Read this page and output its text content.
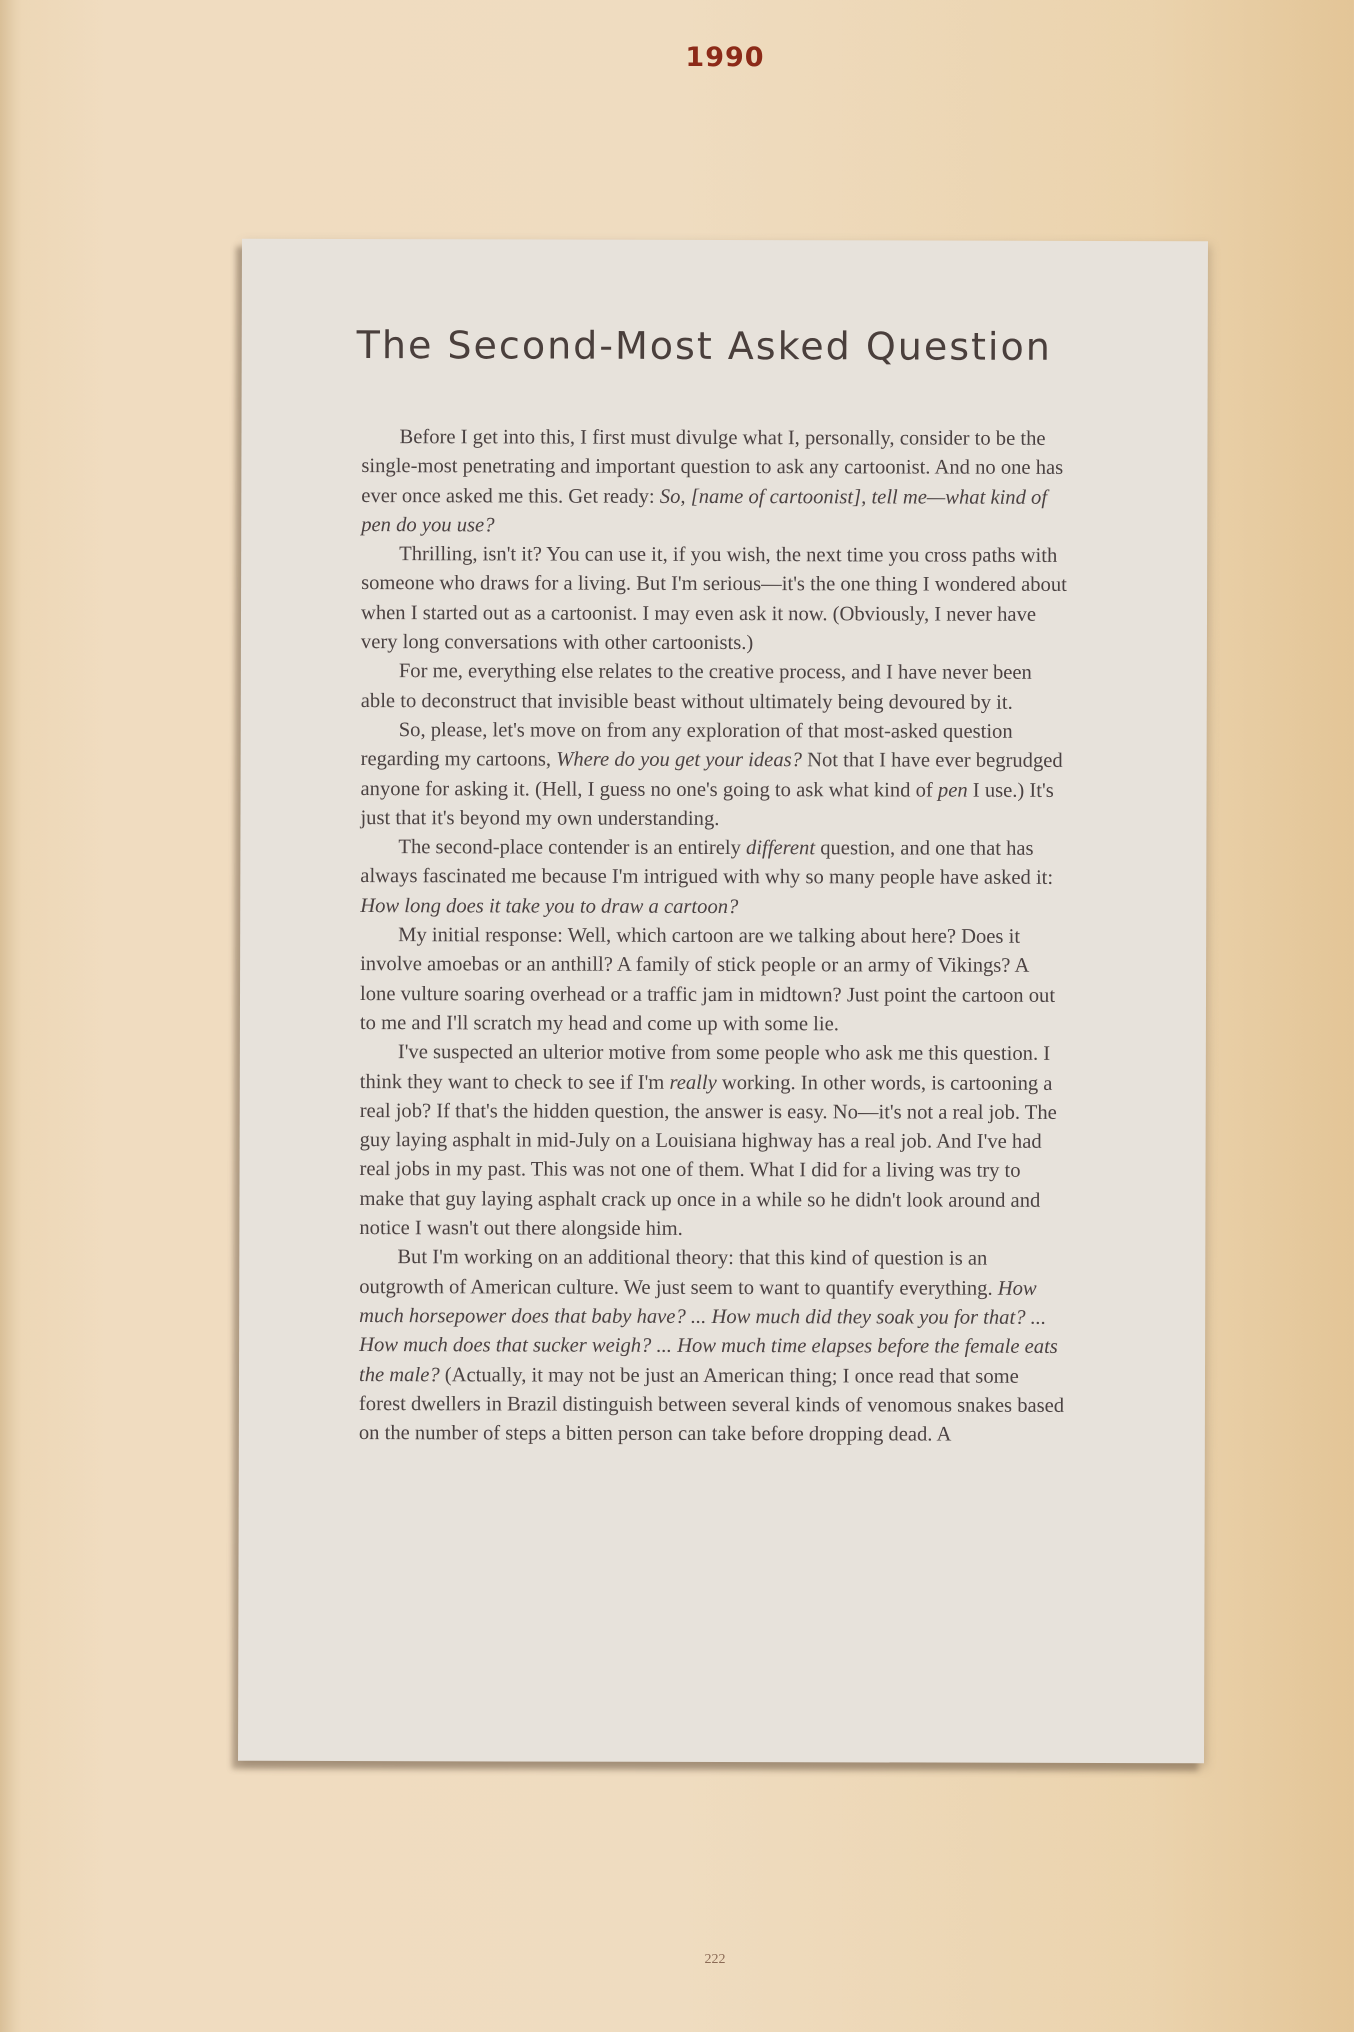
1990
The Second-Most Asked Question

Before I get into this, I first must divulge what I, personally, consider to be the single-most penetrating and important question to ask any cartoonist. And no one has ever once asked me this. Get ready: So, [name of cartoonist], tell me—what kind of pen do you use?

Thrilling, isn't it? You can use it, if you wish, the next time you cross paths with someone who draws for a living. But I'm serious—it's the one thing I wondered about when I started out as a cartoonist. I may even ask it now. (Obviously, I never have very long conversations with other cartoonists.)

For me, everything else relates to the creative process, and I have never been able to deconstruct that invisible beast without ultimately being devoured by it.

So, please, let's move on from any exploration of that most-asked question regarding my cartoons, Where do you get your ideas? Not that I have ever begrudged anyone for asking it. (Hell, I guess no one's going to ask what kind of pen I use.) It's just that it's beyond my own understanding.

The second-place contender is an entirely different question, and one that has always fascinated me because I'm intrigued with why so many people have asked it: How long does it take you to draw a cartoon?

My initial response: Well, which cartoon are we talking about here? Does it involve amoebas or an anthill? A family of stick people or an army of Vikings? A lone vulture soaring overhead or a traffic jam in midtown? Just point the cartoon out to me and I'll scratch my head and come up with some lie.

I've suspected an ulterior motive from some people who ask me this question. I think they want to check to see if I'm really working. In other words, is cartooning a real job? If that's the hidden question, the answer is easy. No—it's not a real job. The guy laying asphalt in mid-July on a Louisiana highway has a real job. And I've had real jobs in my past. This was not one of them. What I did for a living was try to make that guy laying asphalt crack up once in a while so he didn't look around and notice I wasn't out there alongside him.

But I'm working on an additional theory: that this kind of question is an outgrowth of American culture. We just seem to want to quantify everything. How much horsepower does that baby have? ... How much did they soak you for that? ... How much does that sucker weigh? ... How much time elapses before the female eats the male? (Actually, it may not be just an American thing; I once read that some forest dwellers in Brazil distinguish between several kinds of venomous snakes based on the number of steps a bitten person can take before dropping dead. A

222
